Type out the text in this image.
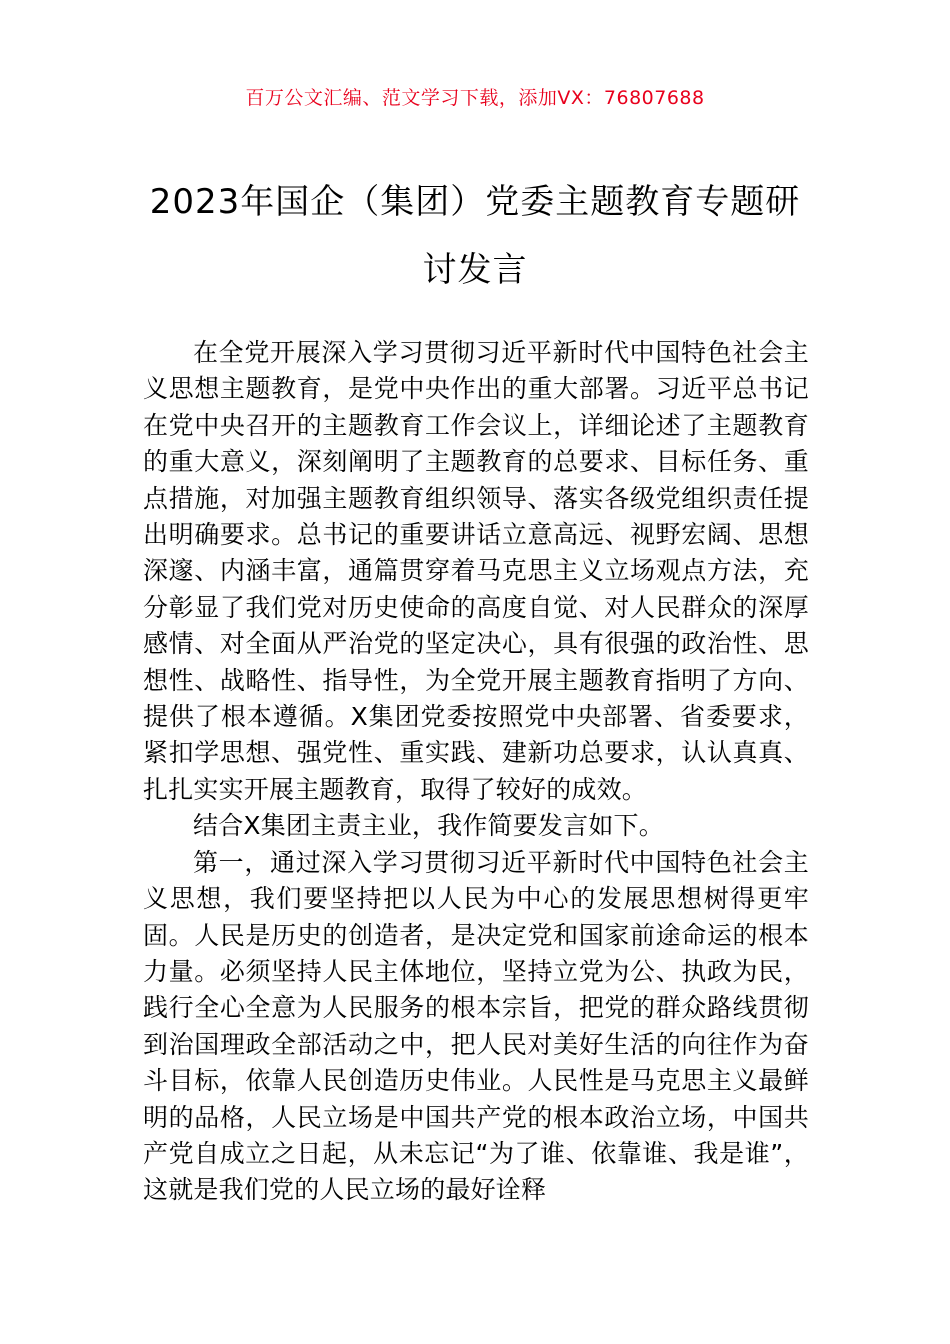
百万公文汇编、范文学习下载，添加VX：76807688
2023年国企（集团）党委主题教育专题研
讨发言

在全党开展深入学习贯彻习近平新时代中国特色社会主义思想主题教育，是党中央作出的重大部署。习近平总书记在党中央召开的主题教育工作会议上，详细论述了主题教育的重大意义，深刻阐明了主题教育的总要求、目标任务、重点措施，对加强主题教育组织领导、落实各级党组织责任提出明确要求。总书记的重要讲话立意高远、视野宏阔、思想深邃、内涵丰富，通篇贯穿着马克思主义立场观点方法，充分彰显了我们党对历史使命的高度自觉、对人民群众的深厚感情、对全面从严治党的坚定决心，具有很强的政治性、思想性、战略性、指导性，为全党开展主题教育指明了方向、提供了根本遵循。X集团党委按照党中央部署、省委要求，紧扣学思想、强党性、重实践、建新功总要求，认认真真、扎扎实实开展主题教育，取得了较好的成效。

结合X集团主责主业，我作简要发言如下。

第一，通过深入学习贯彻习近平新时代中国特色社会主义思想，我们要坚持把以人民为中心的发展思想树得更牢固。人民是历史的创造者，是决定党和国家前途命运的根本力量。必须坚持人民主体地位，坚持立党为公、执政为民，践行全心全意为人民服务的根本宗旨，把党的群众路线贯彻到治国理政全部活动之中，把人民对美好生活的向往作为奋斗目标，依靠人民创造历史伟业。人民性是马克思主义最鲜明的品格，人民立场是中国共产党的根本政治立场，中国共产党自成立之日起，从未忘记“为了谁、依靠谁、我是谁”，这就是我们党的人民立场的最好诠释
